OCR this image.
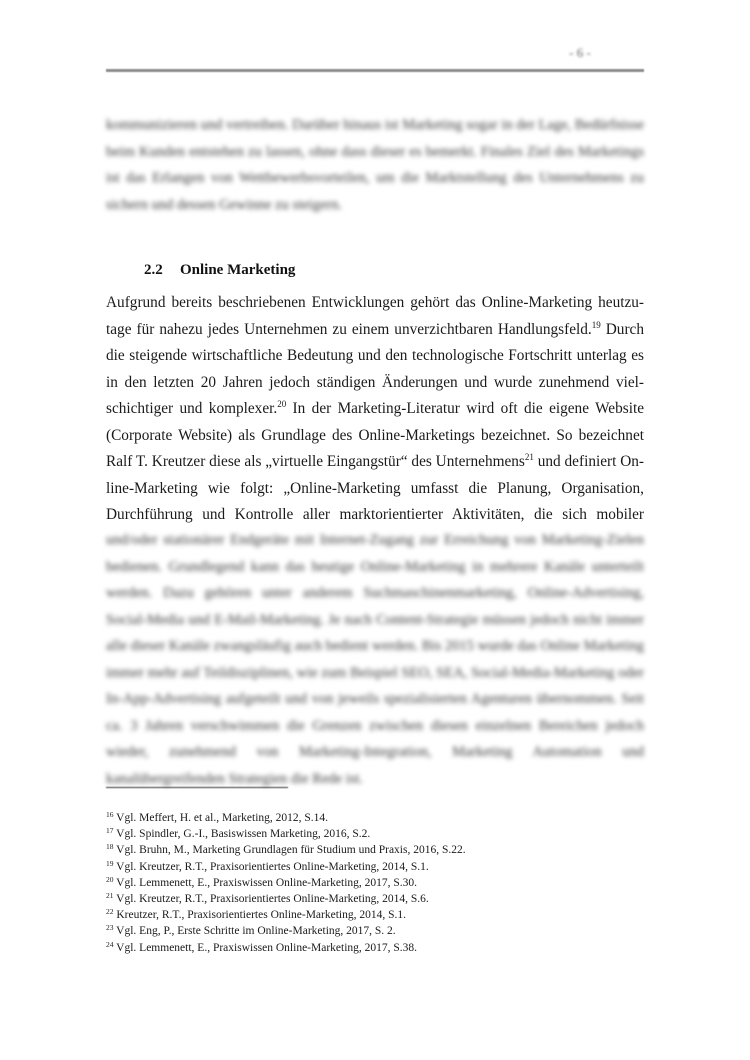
- 6 -
kommunizieren und vertreiben. Darüber hinaus ist Marketing sogar in der Lage, Bedürfnisse beim Kunden entstehen zu lassen, ohne dass dieser es bemerkt. Finales Ziel des Marketings ist das Erlangen von Wettbewerbsvorteilen, um die Marktstellung des Unternehmens zu sichern und dessen Gewinne zu steigern.
2.2 Online Marketing
Aufgrund bereits beschriebenen Entwicklungen gehört das Online-Marketing heutzu-
tage für nahezu jedes Unternehmen zu einem unverzichtbaren Handlungsfeld.$^{19}$ Durch
die steigende wirtschaftliche Bedeutung und den technologische Fortschritt unterlag es
in den letzten 20 Jahren jedoch ständigen Änderungen und wurde zunehmend viel-
schichtiger und komplexer.$^{20}$ In der Marketing-Literatur wird oft die eigene Website
(Corporate Website) als Grundlage des Online-Marketings bezeichnet. So bezeichnet
Ralf T. Kreutzer diese als „virtuelle Eingangstür“ des Unternehmens$^{21}$ und definiert On-
line-Marketing wie folgt: „Online-Marketing umfasst die Planung, Organisation,
Durchführung und Kontrolle aller marktorientierter Aktivitäten, die sich mobiler
und/oder stationärer Endgeräte mit Internet-Zugang zur Erreichung von Marketing-Zielen bedienen. Grundlegend kann das heutige Online-Marketing in mehrere Kanäle unterteilt werden. Dazu gehören unter anderem Suchmaschinenmarketing, Online-Advertising, Social-Media und E-Mail-Marketing. Je nach Content-Strategie müssen jedoch nicht immer alle dieser Kanäle zwangsläufig auch bedient werden. Bis 2015 wurde das Online Marketing immer mehr auf Teildisziplinen, wie zum Beispiel SEO, SEA, Social-Media-Marketing oder In-App-Advertising aufgeteilt und von jeweils spezialisierten Agenturen übernommen. Seit ca. 3 Jahren verschwimmen die Grenzen zwischen diesen einzelnen Bereichen jedoch wieder, zunehmend von Marketing-Integration, Marketing Automation und kanalübergreifenden Strategien die Rede ist.
$^{16}$ Vgl. Meffert, H. et al., Marketing, 2012, S.14.
$^{17}$ Vgl. Spindler, G.-I., Basiswissen Marketing, 2016, S.2.
$^{18}$ Vgl. Bruhn, M., Marketing Grundlagen für Studium und Praxis, 2016, S.22.
$^{19}$ Vgl. Kreutzer, R.T., Praxisorientiertes Online-Marketing, 2014, S.1.
$^{20}$ Vgl. Lemmenett, E., Praxiswissen Online-Marketing, 2017, S.30.
$^{21}$ Vgl. Kreutzer, R.T., Praxisorientiertes Online-Marketing, 2014, S.6.
$^{22}$ Kreutzer, R.T., Praxisorientiertes Online-Marketing, 2014, S.1.
$^{23}$ Vgl. Eng, P., Erste Schritte im Online-Marketing, 2017, S. 2.
$^{24}$ Vgl. Lemmenett, E., Praxiswissen Online-Marketing, 2017, S.38.
